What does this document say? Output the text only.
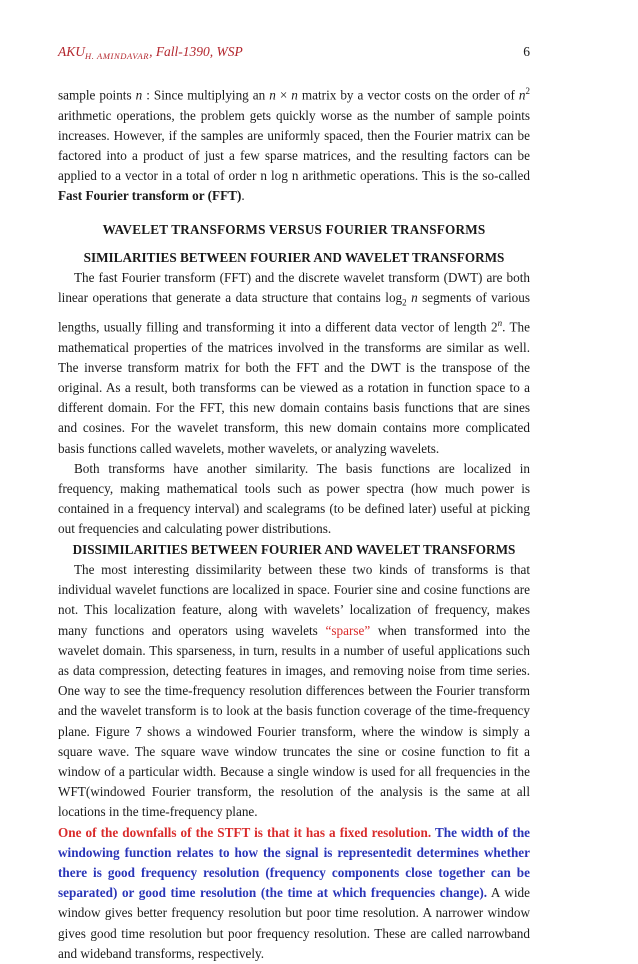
$AKU_{H. AMINDAVAR}$, Fall-1390, WSP	6

sample points n : Since multiplying an n × n matrix by a vector costs on the order of $n^2$ arithmetic operations, the problem gets quickly worse as the number of sample points increases. However, if the samples are uniformly spaced, then the Fourier matrix can be factored into a product of just a few sparse matrices, and the resulting factors can be applied to a vector in a total of order n log n arithmetic operations. This is the so-called Fast Fourier transform or (FFT).

WAVELET TRANSFORMS VERSUS FOURIER TRANSFORMS
SIMILARITIES BETWEEN FOURIER AND WAVELET TRANSFORMS

The fast Fourier transform (FFT) and the discrete wavelet transform (DWT) are both linear operations that generate a data structure that contains $\log_2 n$ segments of various lengths, usually filling and transforming it into a different data vector of length 2$^n$. The mathematical properties of the matrices involved in the transforms are similar as well. The inverse transform matrix for both the FFT and the DWT is the transpose of the original. As a result, both transforms can be viewed as a rotation in function space to a different domain. For the FFT, this new domain contains basis functions that are sines and cosines. For the wavelet transform, this new domain contains more complicated basis functions called wavelets, mother wavelets, or analyzing wavelets.

Both transforms have another similarity. The basis functions are localized in frequency, making mathematical tools such as power spectra (how much power is contained in a frequency interval) and scalegrams (to be defined later) useful at picking out frequencies and calculating power distributions.

DISSIMILARITIES BETWEEN FOURIER AND WAVELET TRANSFORMS

The most interesting dissimilarity between these two kinds of transforms is that individual wavelet functions are localized in space. Fourier sine and cosine functions are not. This localization feature, along with wavelets’ localization of frequency, makes many functions and operators using wavelets “sparse” when transformed into the wavelet domain. This sparseness, in turn, results in a number of useful applications such as data compression, detecting features in images, and removing noise from time series. One way to see the time-frequency resolution differences between the Fourier transform and the wavelet transform is to look at the basis function coverage of the time-frequency plane. Figure 7 shows a windowed Fourier transform, where the window is simply a square wave. The square wave window truncates the sine or cosine function to fit a window of a particular width. Because a single window is used for all frequencies in the WFT(windowed Fourier transform, the resolution of the analysis is the same at all locations in the time-frequency plane.

One of the downfalls of the STFT is that it has a fixed resolution. The width of the windowing function relates to how the signal is representedit determines whether there is good frequency resolution (frequency components close together can be separated) or good time resolution (the time at which frequencies change). A wide window gives better frequency resolution but poor time resolution. A narrower window gives good time resolution but poor frequency resolution. These are called narrowband and wideband transforms, respectively.
